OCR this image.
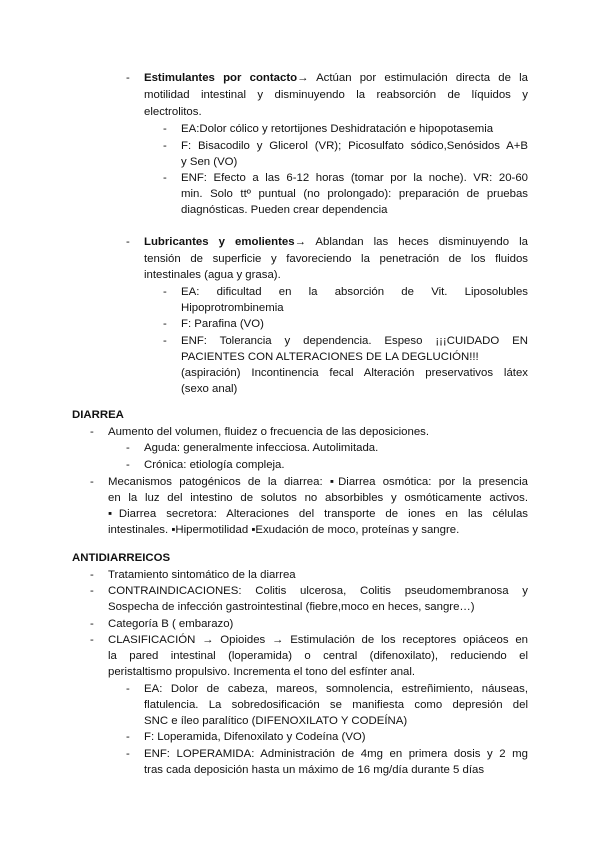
- Estimulantes por contacto→ Actúan por estimulación directa de la
motilidad intestinal y disminuyendo la reabsorción de líquidos y
electrolitos.
- EA:Dolor cólico y retortijones Deshidratación e hipopotasemia
- F: Bisacodilo y Glicerol (VR); Picosulfato sódico,Senósidos A+B
y Sen (VO)
- ENF: Efecto a las 6-12 horas (tomar por la noche). VR: 20-60
min. Solo ttº puntual (no prolongado): preparación de pruebas
diagnósticas. Pueden crear dependencia
- Lubricantes y emolientes→ Ablandan las heces disminuyendo la
tensión de superficie y favoreciendo la penetración de los fluidos
intestinales (agua y grasa).
- EA: dificultad en la absorción de Vit. Liposolubles
Hipoprotrombinemia
- F: Parafina (VO)
- ENF: Tolerancia y dependencia. Espeso ¡¡¡CUIDADO EN
PACIENTES CON ALTERACIONES DE LA DEGLUCIÓN!!!
(aspiración) Incontinencia fecal Alteración preservativos látex
(sexo anal)
DIARREA
- Aumento del volumen, fluidez o frecuencia de las deposiciones.
- Aguda: generalmente infecciosa. Autolimitada.
- Crónica: etiología compleja.
- Mecanismos patogénicos de la diarrea: ▪Diarrea osmótica: por la presencia
en la luz del intestino de solutos no absorbibles y osmóticamente activos.
▪Diarrea secretora: Alteraciones del transporte de iones en las células
intestinales. ▪Hipermotilidad ▪Exudación de moco, proteínas y sangre.
ANTIDIARREICOS
- Tratamiento sintomático de la diarrea
- CONTRAINDICACIONES: Colitis ulcerosa, Colitis pseudomembranosa y
Sospecha de infección gastrointestinal (fiebre,moco en heces, sangre…)
- Categoría B ( embarazo)
- CLASIFICACIÓN → Opioides → Estimulación de los receptores opiáceos en
la pared intestinal (loperamida) o central (difenoxilato), reduciendo el
peristaltismo propulsivo. Incrementa el tono del esfínter anal.
- EA: Dolor de cabeza, mareos, somnolencia, estreñimiento, náuseas,
flatulencia. La sobredosificación se manifiesta como depresión del
SNC e íleo paralítico (DIFENOXILATO Y CODEÍNA)
- F: Loperamida, Difenoxilato y Codeína (VO)
- ENF: LOPERAMIDA: Administración de 4mg en primera dosis y 2 mg
tras cada deposición hasta un máximo de 16 mg/día durante 5 días
